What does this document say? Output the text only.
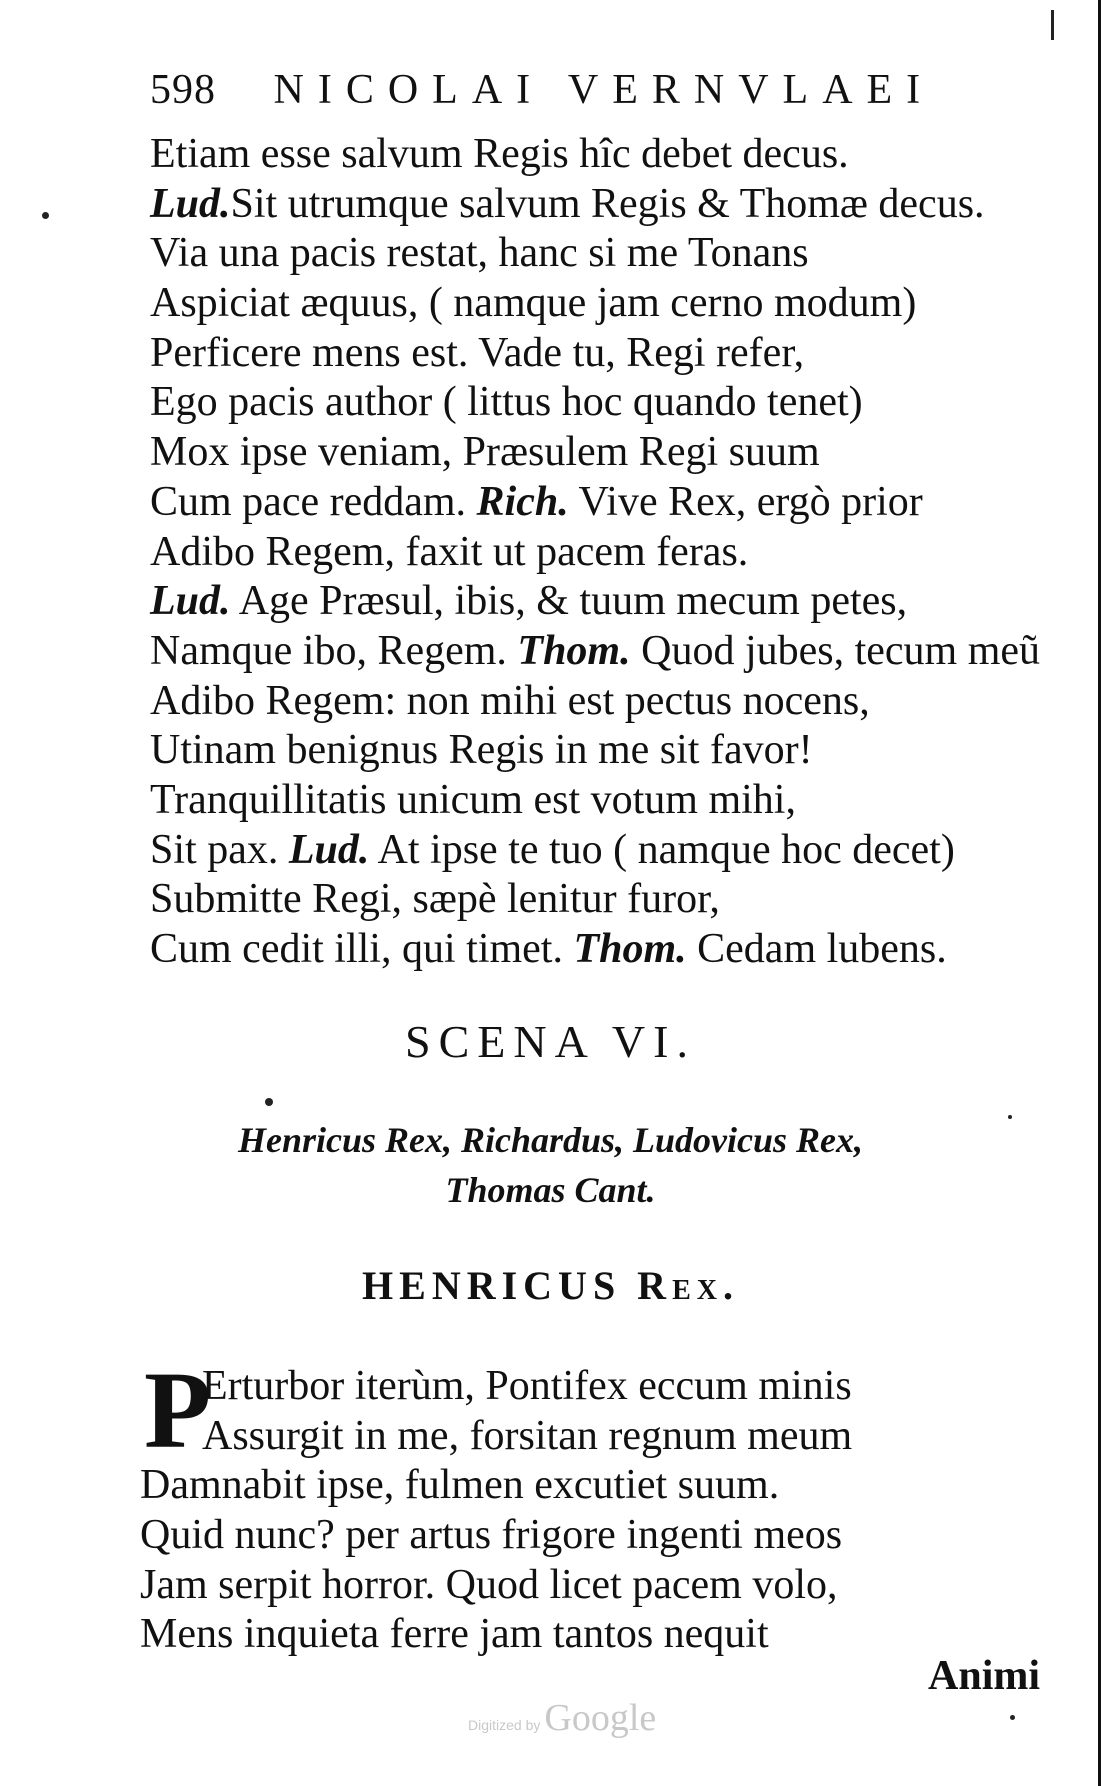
598 NICOLAI VERNVLAEI
Etiam esse salvum Regis hîc debet decus.
Lud.Sit utrumque salvum Regis & Thomæ decus.
Via una pacis restat, hanc si me Tonans
Aspiciat æquus, ( namque jam cerno modum)
Perficere mens est. Vade tu, Regi refer,
Ego pacis author ( littus hoc quando tenet)
Mox ipse veniam, Præsulem Regi suum
Cum pace reddam. Rich. Vive Rex, ergò prior
Adibo Regem, faxit ut pacem feras.
Lud. Age Præsul, ibis, & tuum mecum petes,
Namque ibo, Regem. Thom. Quod jubes, tecum meũ
Adibo Regem: non mihi est pectus nocens,
Utinam benignus Regis in me sit favor!
Tranquillitatis unicum est votum mihi,
Sit pax. Lud. At ipse te tuo ( namque hoc decet)
Submitte Regi, sæpè lenitur furor,
Cum cedit illi, qui timet. Thom. Cedam lubens.
SCENA VI.
Henricus Rex, Richardus, Ludovicus Rex,
Thomas Cant.
HENRICUS Rex.
P
Erturbor iterùm, Pontifex eccum minis
Assurgit in me, forsitan regnum meum
Damnabit ipse, fulmen excutiet suum.
Quid nunc? per artus frigore ingenti meos
Jam serpit horror. Quod licet pacem volo,
Mens inquieta ferre jam tantos nequit
Animi
Digitized by Google
